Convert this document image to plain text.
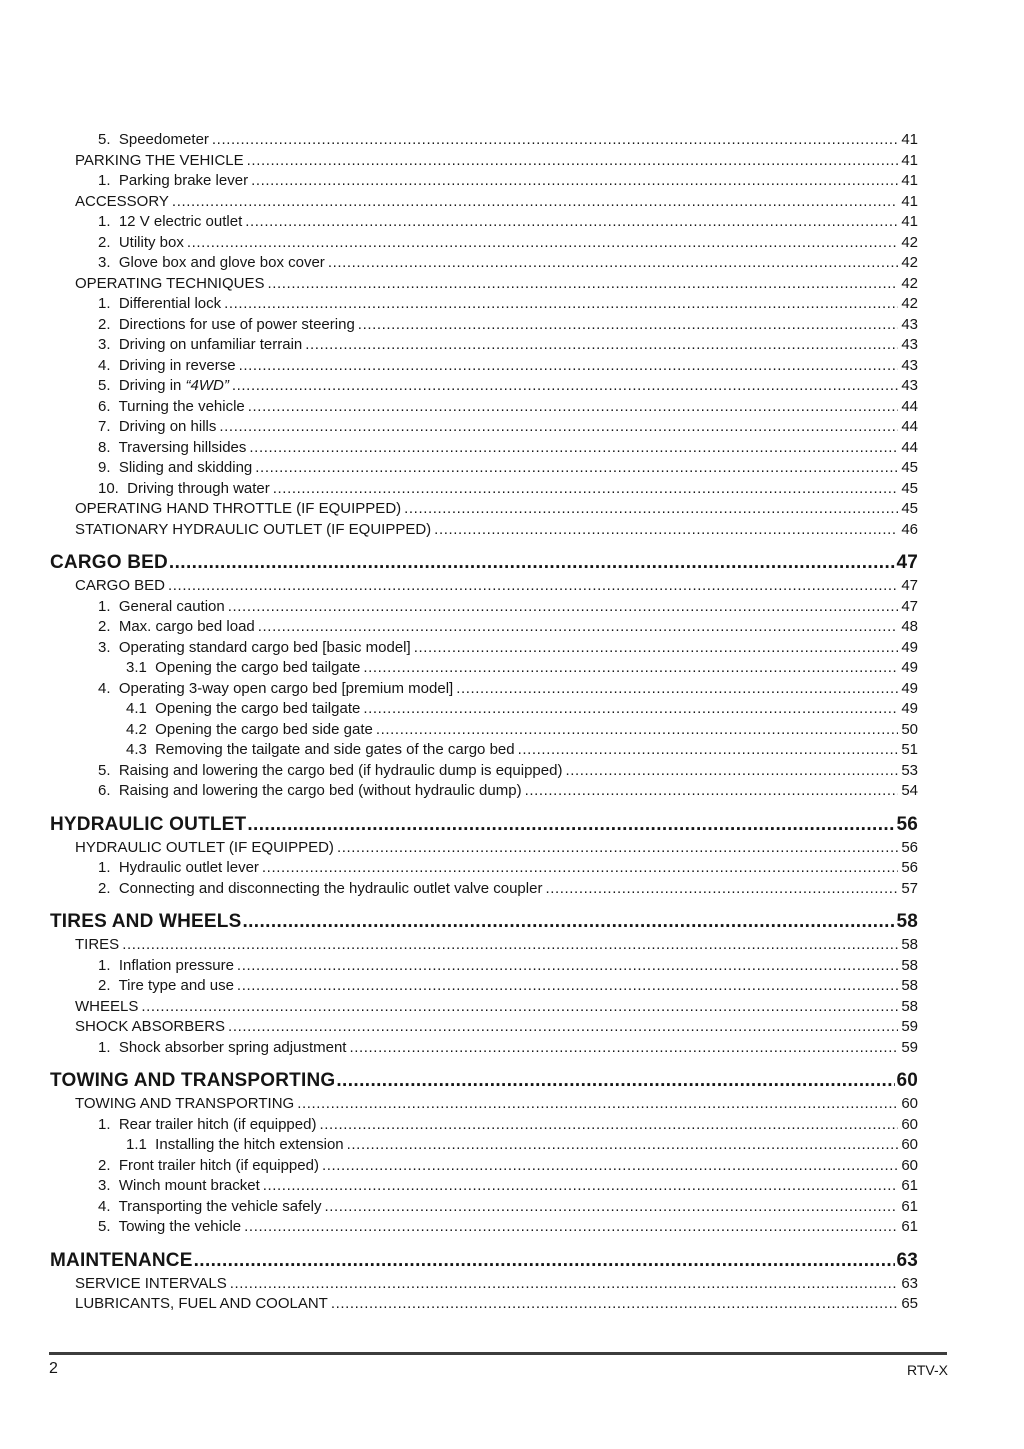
5.  Speedometer .....	41
PARKING THE VEHICLE .....	41
1.  Parking brake lever .....	41
ACCESSORY .....	41
1.  12 V electric outlet .....	41
2.  Utility box .....	42
3.  Glove box and glove box cover .....	42
OPERATING TECHNIQUES .....	42
1.  Differential lock .....	42
2.  Directions for use of power steering .....	43
3.  Driving on unfamiliar terrain .....	43
4.  Driving in reverse .....	43
5.  Driving in “4WD” .....	43
6.  Turning the vehicle .....	44
7.  Driving on hills .....	44
8.  Traversing hillsides .....	44
9.  Sliding and skidding .....	45
10.  Driving through water .....	45
OPERATING HAND THROTTLE (IF EQUIPPED) .....	45
STATIONARY HYDRAULIC OUTLET (IF EQUIPPED) .....	46
CARGO BED .....	47
CARGO BED .....	47
1.  General caution .....	47
2.  Max. cargo bed load .....	48
3.  Operating standard cargo bed [basic model] .....	49
3.1  Opening the cargo bed tailgate .....	49
4.  Operating 3-way open cargo bed [premium model] .....	49
4.1  Opening the cargo bed tailgate .....	49
4.2  Opening the cargo bed side gate .....	50
4.3  Removing the tailgate and side gates of the cargo bed .....	51
5.  Raising and lowering the cargo bed (if hydraulic dump is equipped) .....	53
6.  Raising and lowering the cargo bed (without hydraulic dump) .....	54
HYDRAULIC OUTLET .....	56
HYDRAULIC OUTLET (IF EQUIPPED) .....	56
1.  Hydraulic outlet lever .....	56
2.  Connecting and disconnecting the hydraulic outlet valve coupler .....	57
TIRES AND WHEELS .....	58
TIRES .....	58
1.  Inflation pressure .....	58
2.  Tire type and use .....	58
WHEELS .....	58
SHOCK ABSORBERS .....	59
1.  Shock absorber spring adjustment .....	59
TOWING AND TRANSPORTING .....	60
TOWING AND TRANSPORTING .....	60
1.  Rear trailer hitch (if equipped) .....	60
1.1  Installing the hitch extension .....	60
2.  Front trailer hitch (if equipped) .....	60
3.  Winch mount bracket .....	61
4.  Transporting the vehicle safely .....	61
5.  Towing the vehicle .....	61
MAINTENANCE .....	63
SERVICE INTERVALS .....	63
LUBRICANTS, FUEL AND COOLANT .....	65
2	RTV-X
